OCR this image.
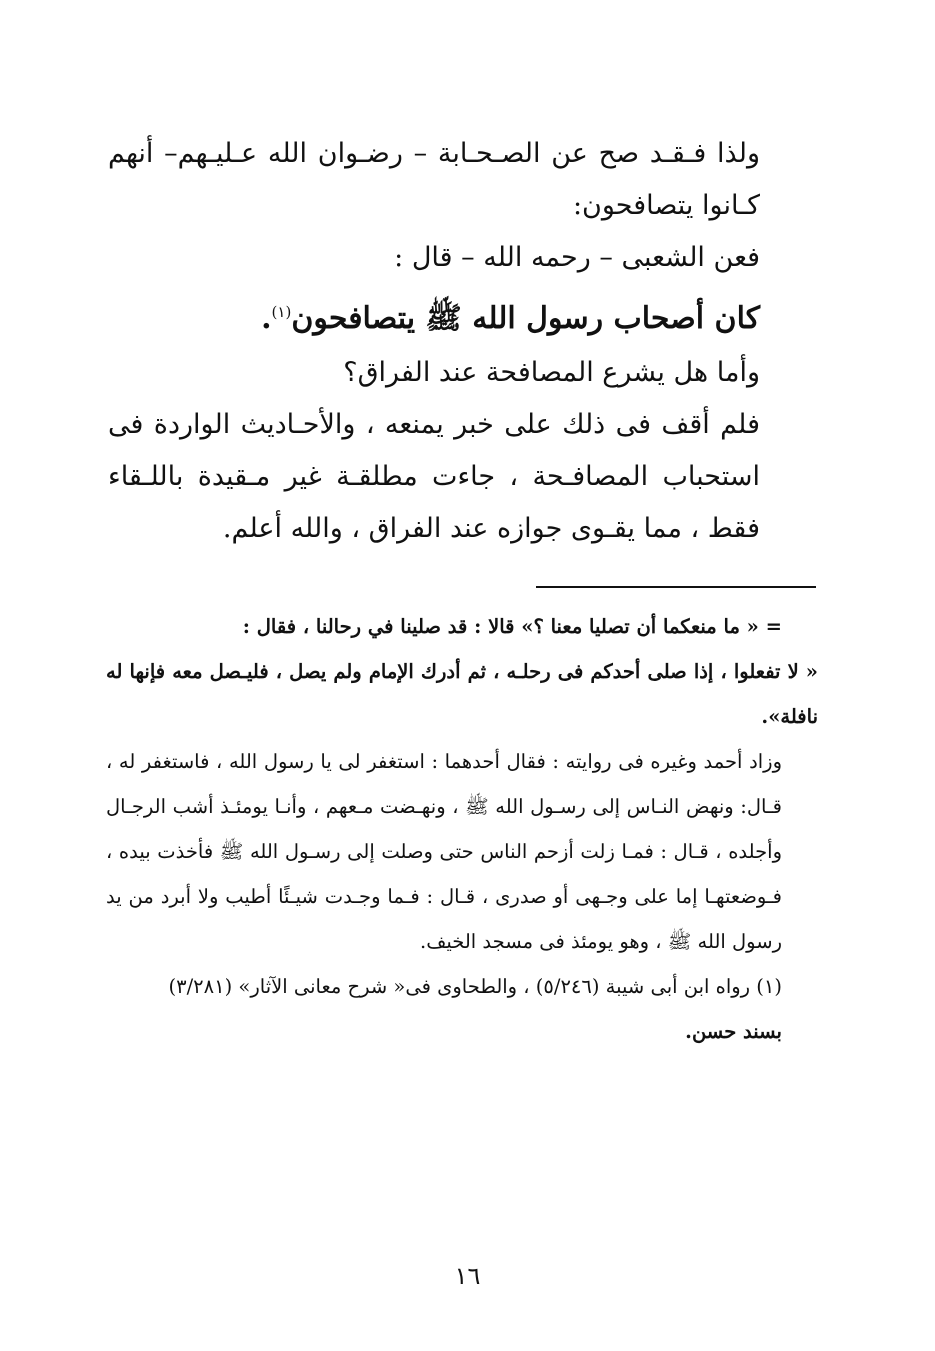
ولذا فـقـد صح عن الصـحـابة – رضـوان الله عـليـهم– أنهم كـانوا يتصافحون:

فعن الشعبى – رحمه الله – قال :

كان أصحاب رسول الله ﷺ يتصافحون$^{(١)}$.

وأما هل يشرع المصافحة عند الفراق؟

فلم أقف فى ذلك على خبر يمنعه ، والأحـاديث الواردة فى استحباب المصافـحة ، جاءت مطلقـة غير مـقيدة باللـقاء فقط ، مما يقـوى جوازه عند الفراق ، والله أعلم.

= « ما منعكما أن تصليا معنا ؟» قالا : قد صلينا في رحالنا ، فقال :

« لا تفعلوا ، إذا صلى أحدكم فى رحلـه ، ثم أدرك الإمام ولم يصل ، فليـصل معه فإنها له نافلة».

وزاد أحمد وغيره فى روايته : فقال أحدهما : استغفر لى يا رسول الله ، فاستغفر له ، قـال: ونهض النـاس إلى رسـول الله ﷺ ، ونهـضت مـعهم ، وأنـا يومئـذ أشب الرجـال وأجلده ، قـال : فمـا زلت أزحم الناس حتى وصلت إلى رسـول الله ﷺ فأخذت بيده ، فـوضعتهـا إما على وجـهى أو صدرى ، قـال : فـما وجـدت شيـئًا أطيب ولا أبرد من يد رسول الله ﷺ ، وهو يومئذ فى مسجد الخيف.

(١) رواه ابن أبى شيبة (٥/٢٤٦) ، والطحاوى فى« شرح معانى الآثار» (٣/٢٨١)

بسند حسن.

١٦
